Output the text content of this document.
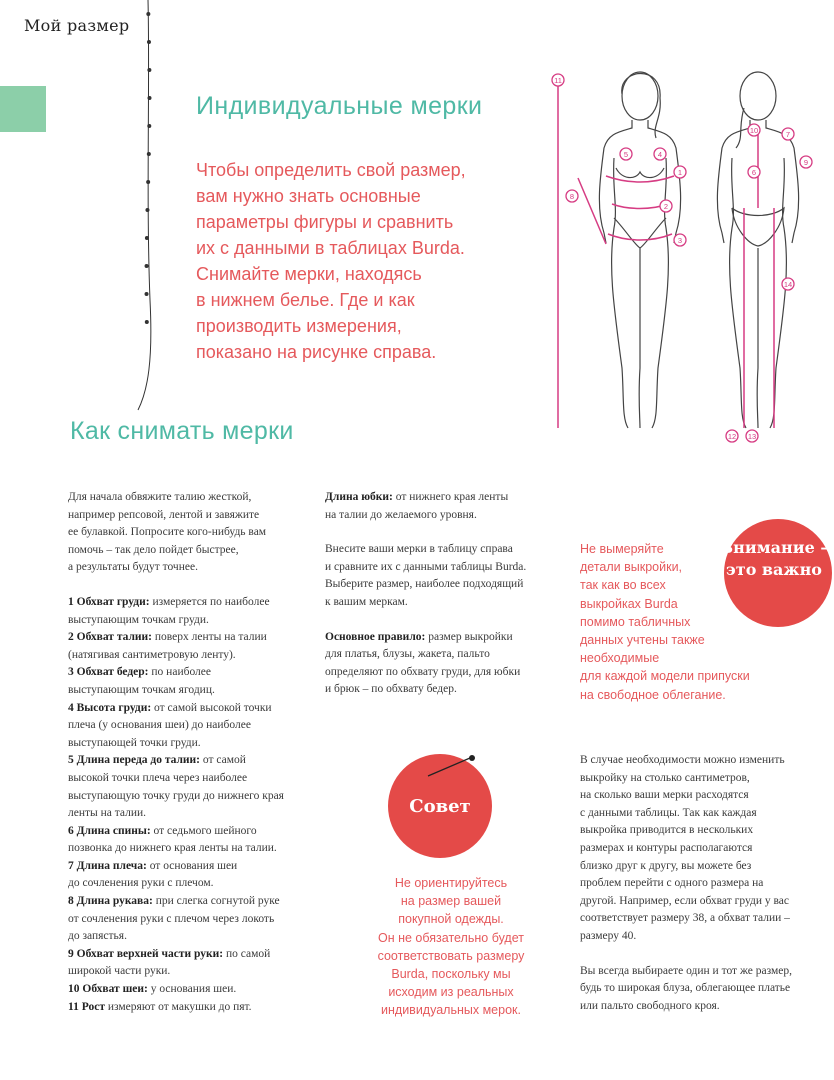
Мой размер
Индивидуальные мерки
Чтобы определить свой размер,
вам нужно знать основные
параметры фигуры и сравнить
их с данными в таблицах Burda.
Снимайте мерки, находясь
в нижнем белье. Где и как
производить измерения,
показано на рисунке справа.
1
2
3
4
5
6
7
8
9
10
11
12 13
14
Как снимать мерки
Для начала обвяжите талию жесткой,
например репсовой, лентой и завяжите
ее булавкой. Попросите кого-нибудь вам
помочь – так дело пойдет быстрее,
а результаты будут точнее.
1 Обхват груди: измеряется по наиболее
выступающим точкам груди.
2 Обхват талии: поверх ленты на талии
(натягивая сантиметровую ленту).
3 Обхват бедер: по наиболее
выступающим точкам ягодиц.
4 Высота груди: от самой высокой точки
плеча (у основания шеи) до наиболее
выступающей точки груди.
5 Длина переда до талии: от самой
высокой точки плеча через наиболее
выступающую точку груди до нижнего края
ленты на талии.
6 Длина спины: от седьмого шейного
позвонка до нижнего края ленты на талии.
7 Длина плеча: от основания шеи
до сочленения руки с плечом.
8 Длина рукава: при слегка согнутой руке
от сочленения руки с плечом через локоть
до запястья.
9 Обхват верхней части руки: по самой
широкой части руки.
10 Обхват шеи: у основания шеи.
11 Рост измеряют от макушки до пят.
Длина юбки: от нижнего края ленты
на талии до желаемого уровня.
Внесите ваши мерки в таблицу справа
и сравните их с данными таблицы Burda.
Выберите размер, наиболее подходящий
к вашим меркам.
Основное правило: размер выкройки
для платья, блузы, жакета, пальто
определяют по обхвату груди, для юбки
и брюк – по обхвату бедер.
Внимание –
это важно
Не вымеряйте
детали выкройки,
так как во всех
выкройках Burda
помимо табличных
данных учтены также
необходимые
для каждой модели припуски
на свободное облегание.
Совет
Не ориентируйтесь
на размер вашей
покупной одежды.
Он не обязательно будет
соответствовать размеру
Burda, поскольку мы
исходим из реальных
индивидуальных мерок.
В случае необходимости можно изменить
выкройку на столько сантиметров,
на сколько ваши мерки расходятся
с данными таблицы. Так как каждая
выкройка приводится в нескольких
размерах и контуры располагаются
близко друг к другу, вы можете без
проблем перейти с одного размера на
другой. Например, если обхват груди у вас
соответствует размеру 38, а обхват талии –
размеру 40.
Вы всегда выбираете один и тот же размер,
будь то широкая блуза, облегающее платье
или пальто свободного кроя.
